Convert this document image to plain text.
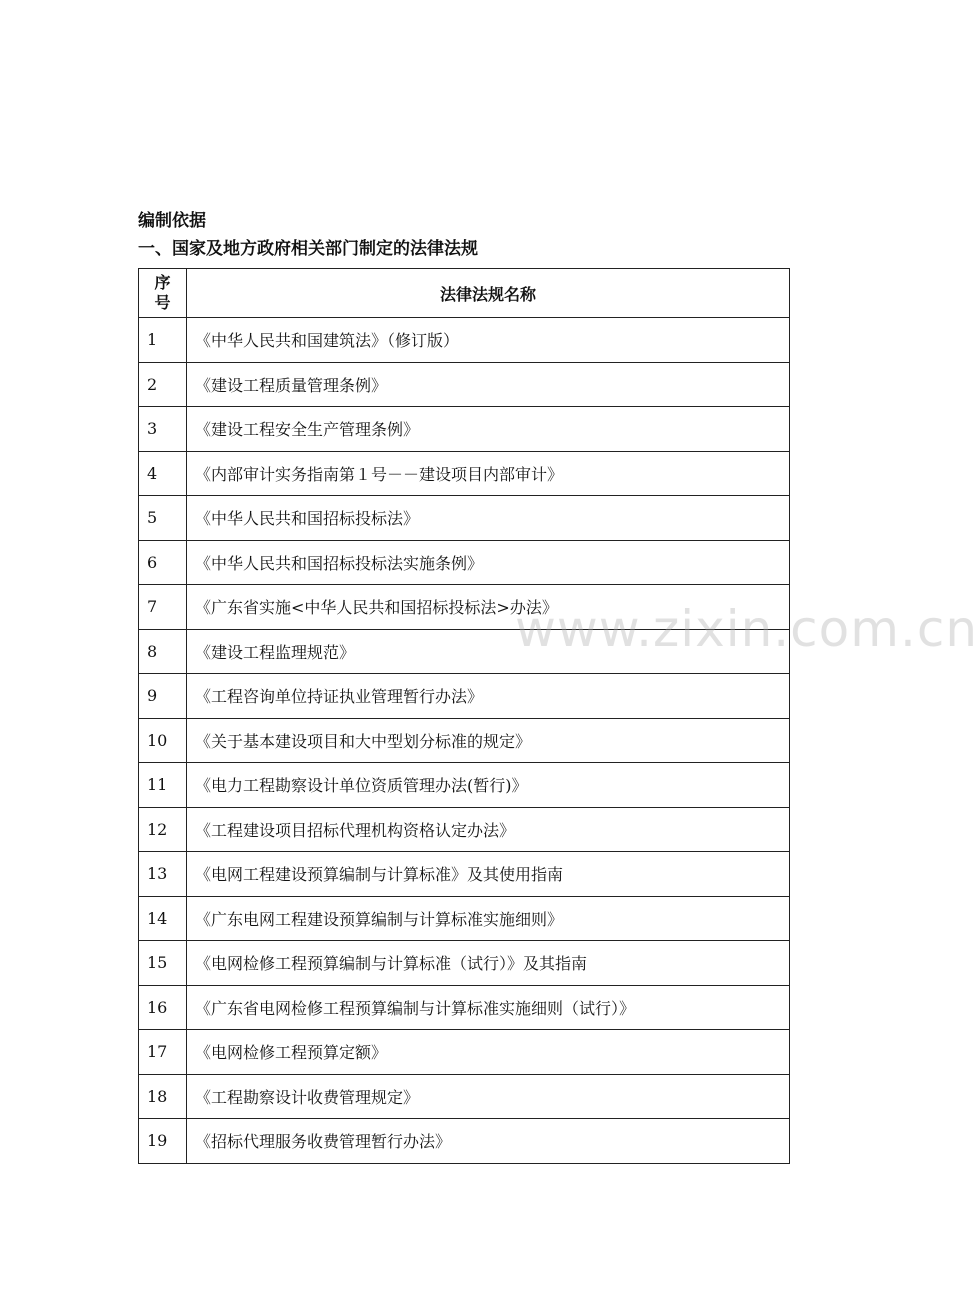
编制依据
一、国家及地方政府相关部门制定的法律法规
序
号	法律法规名称
1	《中华人民共和国建筑法》（修订版）
2	《建设工程质量管理条例》
3	《建设工程安全生产管理条例》
4	《内部审计实务指南第１号－－建设项目内部审计》
5	《中华人民共和国招标投标法》
6	《中华人民共和国招标投标法实施条例》
7	《广东省实施<中华人民共和国招标投标法>办法》
8	《建设工程监理规范》
9	《工程咨询单位持证执业管理暂行办法》
10	《关于基本建设项目和大中型划分标准的规定》
11	《电力工程勘察设计单位资质管理办法(暂行)》
12	《工程建设项目招标代理机构资格认定办法》
13	《电网工程建设预算编制与计算标准》及其使用指南
14	《广东电网工程建设预算编制与计算标准实施细则》
15	《电网检修工程预算编制与计算标准（试行）》及其指南
16	《广东省电网检修工程预算编制与计算标准实施细则（试行）》
17	《电网检修工程预算定额》
18	《工程勘察设计收费管理规定》
19	《招标代理服务收费管理暂行办法》
www.zixin.com.cn
